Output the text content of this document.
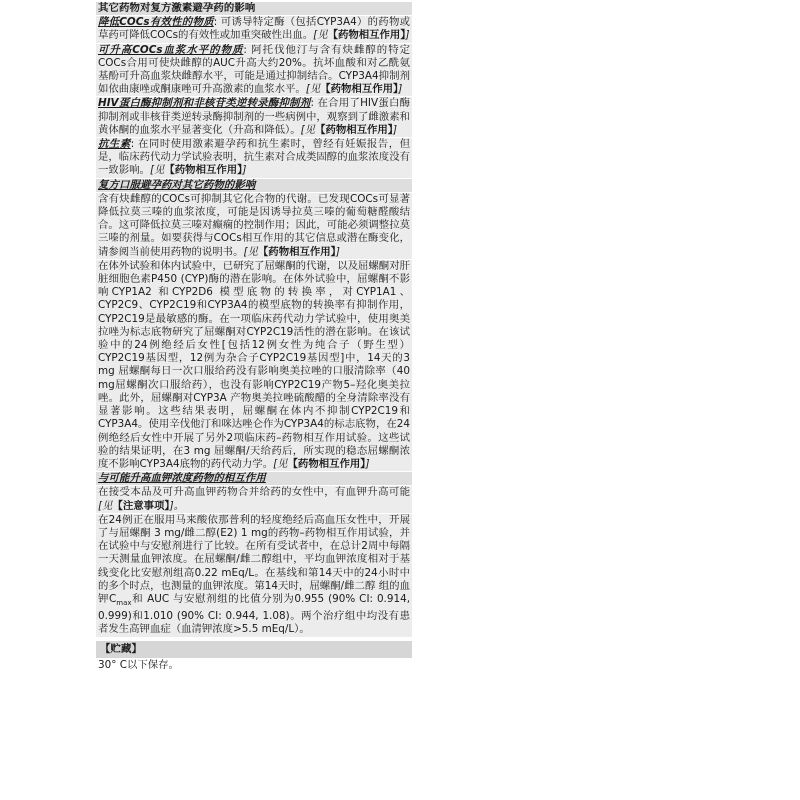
其它药物对复方激素避孕药的影响
降低COCs有效性的物质: 可诱导特定酶（包括CYP3A4）的药物或草药可降低COCs的有效性或加重突破性出血。[见【药物相互作用】]
可升高COCs血浆水平的物质: 阿托伐他汀与含有炔雌醇的特定COCs合用可使炔雌醇的AUC升高大约20%。抗坏血酸和对乙酰氨基酚可升高血浆炔雌醇水平，可能是通过抑制结合。CYP3A4抑制剂如依曲康唑或酮康唑可升高激素的血浆水平。[见【药物相互作用】]
HIV蛋白酶抑制剂和非核苷类逆转录酶抑制剂: 在合用了HIV蛋白酶抑制剂或非核苷类逆转录酶抑制剂的一些病例中，观察到了雌激素和黄体酮的血浆水平显著变化（升高和降低）。[见【药物相互作用】]
抗生素: 在同时使用激素避孕药和抗生素时，曾经有妊娠报告，但是，临床药代动力学试验表明，抗生素对合成类固醇的血浆浓度没有一致影响。[见【药物相互作用】]
复方口服避孕药对其它药物的影响
含有炔雌醇的COCs可抑制其它化合物的代谢。已发现COCs可显著降低拉莫三嗪的血浆浓度，可能是因诱导拉莫三嗪的葡萄糖醛酸结合。这可降低拉莫三嗪对癫痫的控制作用；因此，可能必须调整拉莫三嗪的剂量。如要获得与COCs相互作用的其它信息或潜在酶变化，请参阅当前使用药物的说明书。[见【药物相互作用】]
在体外试验和体内试验中，已研究了屈螺酮的代谢，以及屈螺酮对肝脏细胞色素P450 (CYP)酶的潜在影响。在体外试验中，屈螺酮不影响CYP1A2 和CYP2D6 模型底物的转换率，对CYP1A1、CYP2C9、CYP2C19和CYP3A4的模型底物的转换率有抑制作用，CYP2C19是最敏感的酶。在一项临床药代动力学试验中，使用奥美拉唑为标志底物研究了屈螺酮对CYP2C19活性的潜在影响。在该试验中的24例绝经后女性[包括12例女性为纯合子（野生型）CYP2C19基因型，12例为杂合子CYP2C19基因型]中，14天的3 mg 屈螺酮每日一次口服给药没有影响奥美拉唑的口服清除率（40 mg屈螺酮次口服给药），也没有影响CYP2C19产物5–羟化奥美拉唑。此外，屈螺酮对CYP3A 产物奥美拉唑硫酸醋的全身清除率没有显著影响。这些结果表明，屈螺酮在体内不抑制CYP2C19和CYP3A4。使用辛伐他汀和咪达唑仑作为CYP3A4的标志底物，在24例绝经后女性中开展了另外2项临床药–药物相互作用试验。这些试验的结果证明，在3 mg 屈螺酮/天给药后，所实现的稳态屈螺酮浓度不影响CYP3A4底物的药代动力学。[见【药物相互作用】]
与可能升高血钾浓度药物的相互作用
在接受本品及可升高血钾药物合并给药的女性中，有血钾升高可能[见【注意事项】]。
在24例正在服用马来酸依那普利的轻度绝经后高血压女性中，开展了与屈螺酮 3 mg/雌二醇(E2) 1 mg的药物–药物相互作用试验，并在试验中与安慰剂进行了比较。在所有受试者中，在总计2周中每隔一天测量血钾浓度。在屈螺酮/雌二醇组中，平均血钾浓度相对于基线变化比安慰剂组高0.22 mEq/L。在基线和第14天中的24小时中的多个时点，也测量的血钾浓度。第14天时，屈螺酮/雌二醇 组的血钾$C_{max}$和 AUC 与安慰剂组的比值分别为0.955 (90% CI: 0.914, 0.999)和1.010 (90% CI: 0.944, 1.08)。两个治疗组中均没有患者发生高钾血症（血清钾浓度>5.5 mEq/L）。
【贮藏】
30° C以下保存。
